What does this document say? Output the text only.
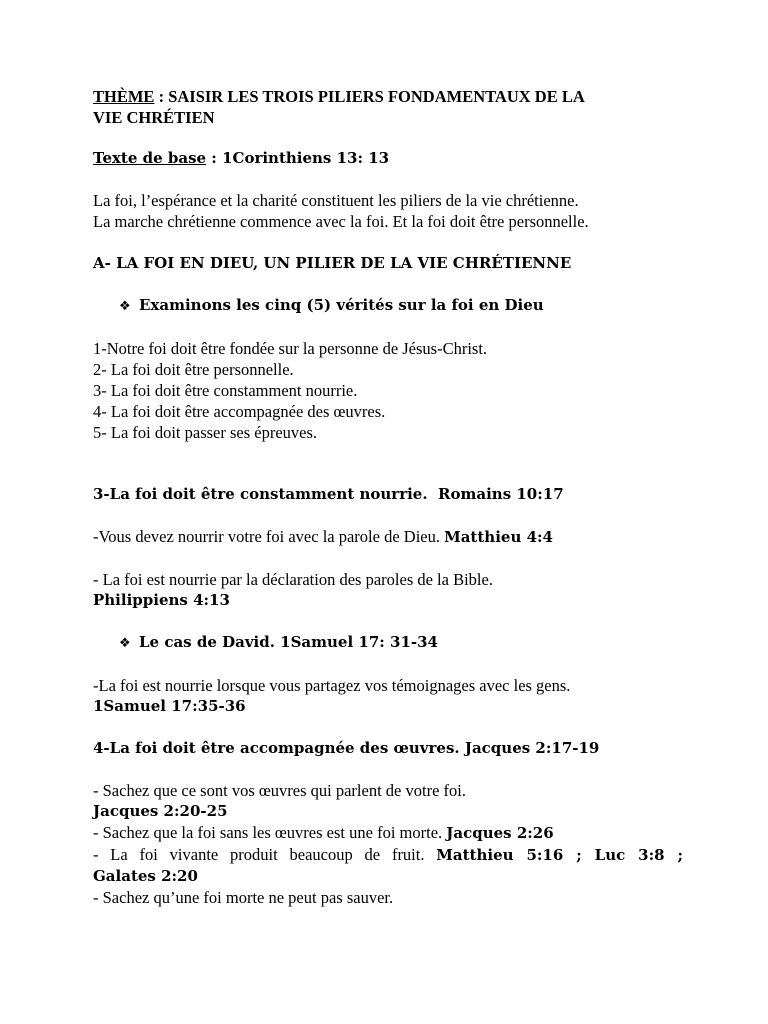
THÈME : SAISIR LES TROIS PILIERS FONDAMENTAUX DE LA

VIE CHRÉTIEN

Texte de base : 1Corinthiens 13: 13

La foi, l’espérance et la charité constituent les piliers de la vie chrétienne.

La marche chrétienne commence avec la foi. Et la foi doit être personnelle.

A- LA FOI EN DIEU, UN PILIER DE LA VIE CHRÉTIENNE

❖ Examinons les cinq (5) vérités sur la foi en Dieu

1-Notre foi doit être fondée sur la personne de Jésus-Christ.

2- La foi doit être personnelle.

3- La foi doit être constamment nourrie.

4- La foi doit être accompagnée des œuvres.

5- La foi doit passer ses épreuves.

3-La foi doit être constamment nourrie. Romains 10:17

-Vous devez nourrir votre foi avec la parole de Dieu. Matthieu 4:4

- La foi est nourrie par la déclaration des paroles de la Bible.

Philippiens 4:13

❖ Le cas de David. 1Samuel 17: 31-34

-La foi est nourrie lorsque vous partagez vos témoignages avec les gens.

1Samuel 17:35-36

4-La foi doit être accompagnée des œuvres. Jacques 2:17-19

- Sachez que ce sont vos œuvres qui parlent de votre foi.

Jacques 2:20-25

- Sachez que la foi sans les œuvres est une foi morte. Jacques 2:26

- La foi vivante produit beaucoup de fruit. Matthieu 5:16 ; Luc 3:8 ;

Galates 2:20

- Sachez qu’une foi morte ne peut pas sauver.
